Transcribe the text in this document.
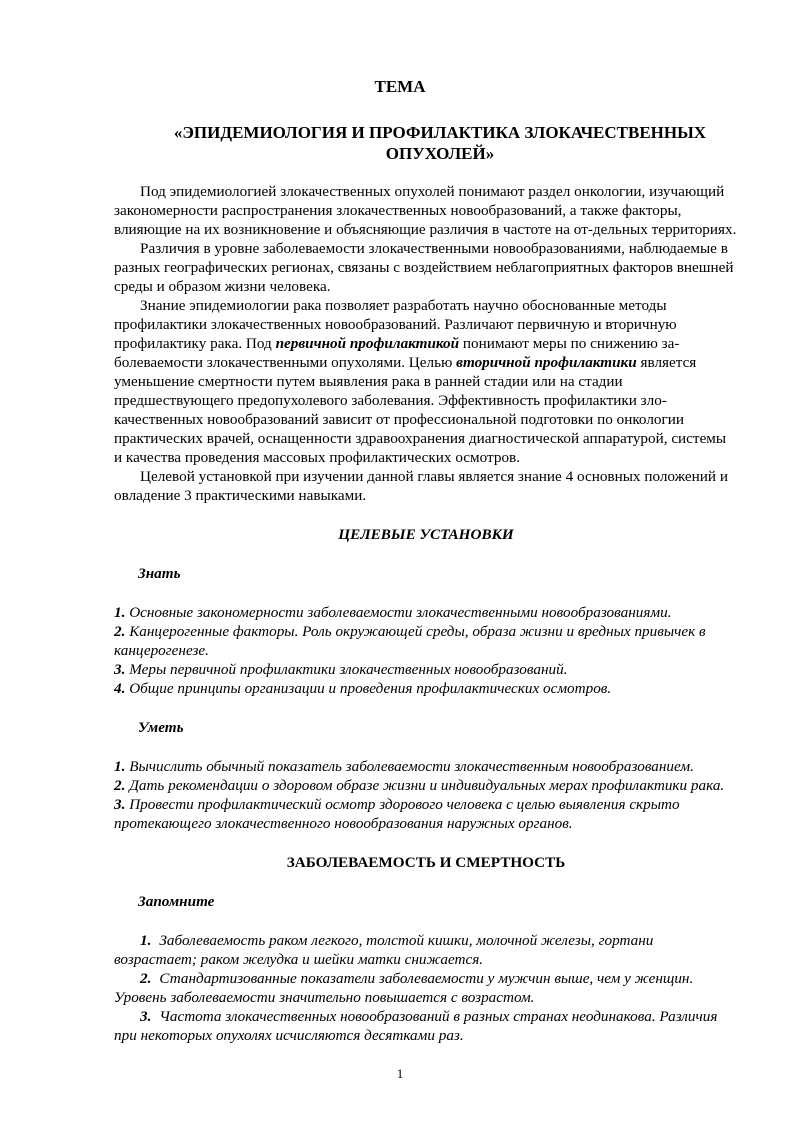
ТЕМА
«ЭПИДЕМИОЛОГИЯ И ПРОФИЛАКТИКА ЗЛОКАЧЕСТВЕННЫХ ОПУХОЛЕЙ»

Под эпидемиологией злокачественных опухолей понимают раздел онкологии, изучающий закономерности распространения злокачественных новообразований, а также факторы, влияющие на их возникновение и объясняющие различия в частоте на от-дельных территориях.

Различия в уровне заболеваемости злокачественными новообразованиями, наблюдаемые в разных географических регионах, связаны с воздействием неблагоприятных факторов внешней среды и образом жизни человека.

Знание эпидемиологии рака позволяет разработать научно обоснованные методы профилактики злокачественных новообразований. Различают первичную и вторичную профилактику рака. Под первичной профилактикой понимают меры по снижению за-болеваемости злокачественными опухолями. Целью вторичной профилактики является уменьшение смертности путем выявления рака в ранней стадии или на стадии предшествующего предопухолевого заболевания. Эффективность профилактики зло-качественных новообразований зависит от профессиональной подготовки по онкологии практических врачей, оснащенности здравоохранения диагностической аппаратурой, системы и качества проведения массовых профилактических осмотров.

Целевой установкой при изучении данной главы является знание 4 основных положений и овладение 3 практическими навыками.

ЦЕЛЕВЫЕ УСТАНОВКИ

Знать

1. Основные закономерности заболеваемости злокачественными новообразованиями.

2. Канцерогенные факторы. Роль окружающей среды, образа жизни и вредных привычек в канцерогенезе.

3. Меры первичной профилактики злокачественных новообразований.

4. Общие принципы организации и проведения профилактических осмотров.

Уметь

1. Вычислить обычный показатель заболеваемости злокачественным новообразованием.

2. Дать рекомендации о здоровом образе жизни и индивидуальных мерах профилактики рака.

3. Провести профилактический осмотр здорового человека с целью выявления скрыто протекающего злокачественного новообразования наружных органов.

ЗАБОЛЕВАЕМОСТЬ И СМЕРТНОСТЬ

Запомните

1. Заболеваемость раком легкого, толстой кишки, молочной железы, гортани возрастает; раком желудка и шейки матки снижается.

2. Стандартизованные показатели заболеваемости у мужчин выше, чем у женщин. Уровень заболеваемости значительно повышается с возрастом.

3. Частота злокачественных новообразований в разных странах неодинакова. Различия при некоторых опухолях исчисляются десятками раз.

1
